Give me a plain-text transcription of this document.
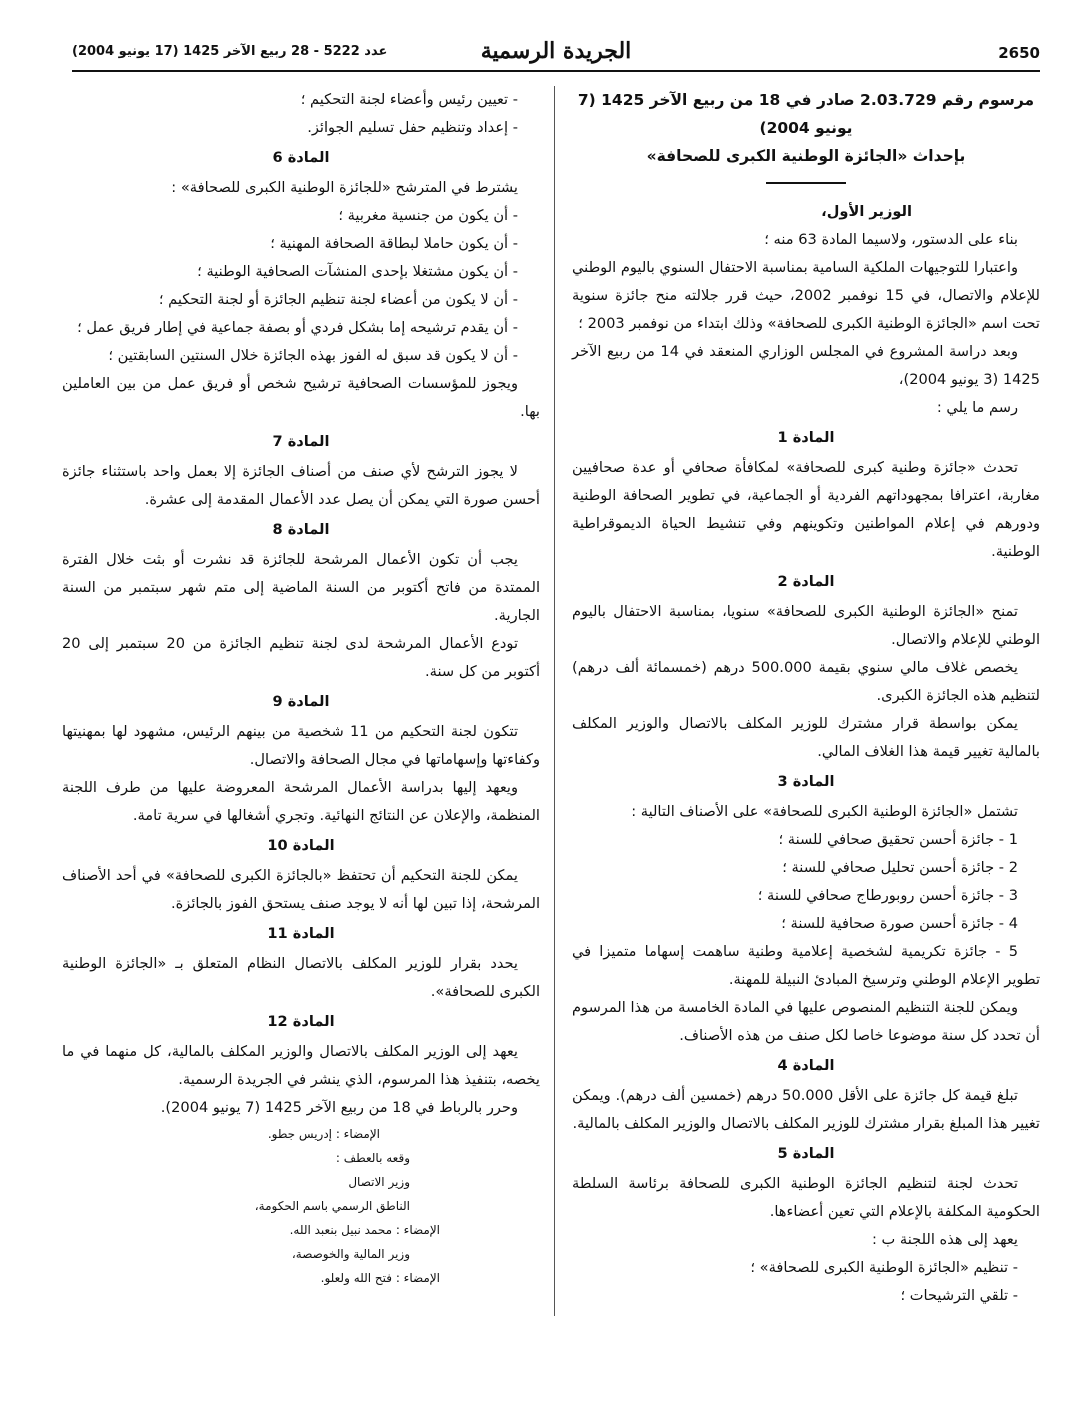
2650
الجريدة الرسمية
عدد 5222 - 28 ربيع الآخر 1425 (17 يونيو 2004)

مرسوم رقم 2.03.729 صادر في 18 من ربيع الآخر 1425 (7 يونيو 2004)

بإحداث «الجائزة الوطنية الكبرى للصحافة»

الوزير الأول،

بناء على الدستور، ولاسيما المادة 63 منه ؛

واعتبارا للتوجيهات الملكية السامية بمناسبة الاحتفال السنوي باليوم الوطني للإعلام والاتصال، في 15 نوفمبر 2002، حيث قرر جلالته منح جائزة سنوية تحت اسم «الجائزة الوطنية الكبرى للصحافة» وذلك ابتداء من نوفمبر 2003 ؛

وبعد دراسة المشروع في المجلس الوزاري المنعقد في 14 من ربيع الآخر 1425 (3 يونيو 2004)،

رسم ما يلي :

المادة 1

تحدث «جائزة وطنية كبرى للصحافة» لمكافأة صحافي أو عدة صحافيين مغاربة، اعترافا بمجهوداتهم الفردية أو الجماعية، في تطوير الصحافة الوطنية ودورهم في إعلام المواطنين وتكوينهم وفي تنشيط الحياة الديموقراطية الوطنية.

المادة 2

تمنح «الجائزة الوطنية الكبرى للصحافة» سنويا، بمناسبة الاحتفال باليوم الوطني للإعلام والاتصال.

يخصص غلاف مالي سنوي بقيمة 500.000 درهم (خمسمائة ألف درهم) لتنظيم هذه الجائزة الكبرى.

يمكن بواسطة قرار مشترك للوزير المكلف بالاتصال والوزير المكلف بالمالية تغيير قيمة هذا الغلاف المالي.

المادة 3

تشتمل «الجائزة الوطنية الكبرى للصحافة» على الأصناف التالية :

1 - جائزة أحسن تحقيق صحافي للسنة ؛

2 - جائزة أحسن تحليل صحافي للسنة ؛

3 - جائزة أحسن روبورطاج صحافي للسنة ؛

4 - جائزة أحسن صورة صحافية للسنة ؛

5 - جائزة تكريمية لشخصية إعلامية وطنية ساهمت إسهاما متميزا في تطوير الإعلام الوطني وترسيخ المبادئ النبيلة للمهنة.

ويمكن للجنة التنظيم المنصوص عليها في المادة الخامسة من هذا المرسوم أن تحدد كل سنة موضوعا خاصا لكل صنف من هذه الأصناف.

المادة 4

تبلغ قيمة كل جائزة على الأقل 50.000 درهم (خمسين ألف درهم). ويمكن تغيير هذا المبلغ بقرار مشترك للوزير المكلف بالاتصال والوزير المكلف بالمالية.

المادة 5

تحدث لجنة لتنظيم الجائزة الوطنية الكبرى للصحافة برئاسة السلطة الحكومية المكلفة بالإعلام التي تعين أعضاءها.

يعهد إلى هذه اللجنة ب :

- تنظيم «الجائزة الوطنية الكبرى للصحافة» ؛

- تلقي الترشيحات ؛

- تعيين رئيس وأعضاء لجنة التحكيم ؛

- إعداد وتنظيم حفل تسليم الجوائز.

المادة 6

يشترط في المترشح «للجائزة الوطنية الكبرى للصحافة» :

- أن يكون من جنسية مغربية ؛

- أن يكون حاملا لبطاقة الصحافة المهنية ؛

- أن يكون مشتغلا بإحدى المنشآت الصحافية الوطنية ؛

- أن لا يكون من أعضاء لجنة تنظيم الجائزة أو لجنة التحكيم ؛

- أن يقدم ترشيحه إما بشكل فردي أو بصفة جماعية في إطار فريق عمل ؛

- أن لا يكون قد سبق له الفوز بهذه الجائزة خلال السنتين السابقتين ؛

ويجوز للمؤسسات الصحافية ترشيح شخص أو فريق عمل من بين العاملين بها.

المادة 7

لا يجوز الترشح لأي صنف من أصناف الجائزة إلا بعمل واحد باستثناء جائزة أحسن صورة التي يمكن أن يصل عدد الأعمال المقدمة إلى عشرة.

المادة 8

يجب أن تكون الأعمال المرشحة للجائزة قد نشرت أو بثت خلال الفترة الممتدة من فاتح أكتوبر من السنة الماضية إلى متم شهر سبتمبر من السنة الجارية.

تودع الأعمال المرشحة لدى لجنة تنظيم الجائزة من 20 سبتمبر إلى 20 أكتوبر من كل سنة.

المادة 9

تتكون لجنة التحكيم من 11 شخصية من بينهم الرئيس، مشهود لها بمهنيتها وكفاءتها وإسهاماتها في مجال الصحافة والاتصال.

ويعهد إليها بدراسة الأعمال المرشحة المعروضة عليها من طرف اللجنة المنظمة، والإعلان عن النتائج النهائية. وتجري أشغالها في سرية تامة.

المادة 10

يمكن للجنة التحكيم أن تحتفظ «بالجائزة الكبرى للصحافة» في أحد الأصناف المرشحة، إذا تبين لها أنه لا يوجد صنف يستحق الفوز بالجائزة.

المادة 11

يحدد بقرار للوزير المكلف بالاتصال النظام المتعلق بـ «الجائزة الوطنية الكبرى للصحافة».

المادة 12

يعهد إلى الوزير المكلف بالاتصال والوزير المكلف بالمالية، كل منهما في ما يخصه، بتنفيذ هذا المرسوم، الذي ينشر في الجريدة الرسمية.

وحرر بالرباط في 18 من ربيع الآخر 1425 (7 يونيو 2004).

الإمضاء : إدريس جطو.

وقعه بالعطف :

وزير الاتصال

الناطق الرسمي باسم الحكومة،

الإمضاء : محمد نبيل بنعبد الله.

وزير المالية والخوصصة،

الإمضاء : فتح الله ولعلو.
